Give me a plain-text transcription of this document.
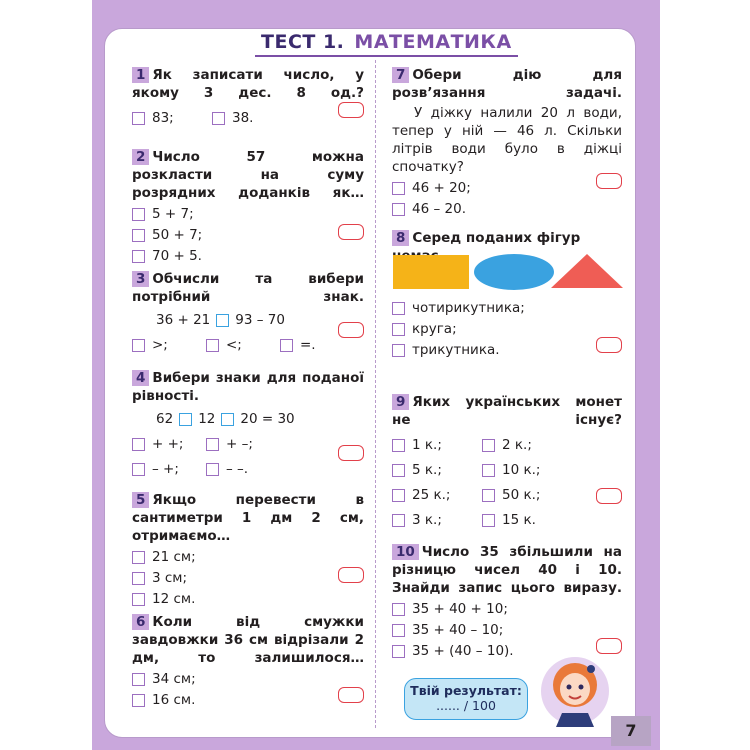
ТЕСТ 1. МАТЕМАТИКА
1 Як записати число, у якому 3 дес. 8 од.?
83;	38.
2 Число 57 можна розкласти на суму розрядних доданків як…
5 + 7;
50 + 7;
70 + 5.
3 Обчисли та вибери потрібний знак.
36 + 21 93 – 70
>;	<;	=.
4 Вибери знаки для поданої рівності.
62 12 20 = 30
+ +;	+ –;
– +;	– –.
5 Якщо перевести в сантиметри 1 дм 2 см, отримаємо…
21 см;
3 см;
12 см.
6 Коли від смужки завдовжки 36 см відрізали 2 дм, то залишилося…
34 см;
16 см.
7 Обери дію для розв’язання задачі.
У діжку налили 20 л води, тепер у ній — 46 л. Скільки літрів води було в діжці спочатку?
46 + 20;
46 – 20.
8 Серед поданих фігур
чотирикутника;
круга;
трикутника.
9 Яких українських монет не існує?
1 к.;	2 к.;
5 к.;	10 к.;
25 к.;	50 к.;
3 к.;	15 к.
10 Число 35 збільшили на різницю чисел 40 і 10. Знайди запис цього виразу.
35 + 40 + 10;
35 + 40 – 10;
35 + (40 – 10).
Твій результат:
...... / 100
7
